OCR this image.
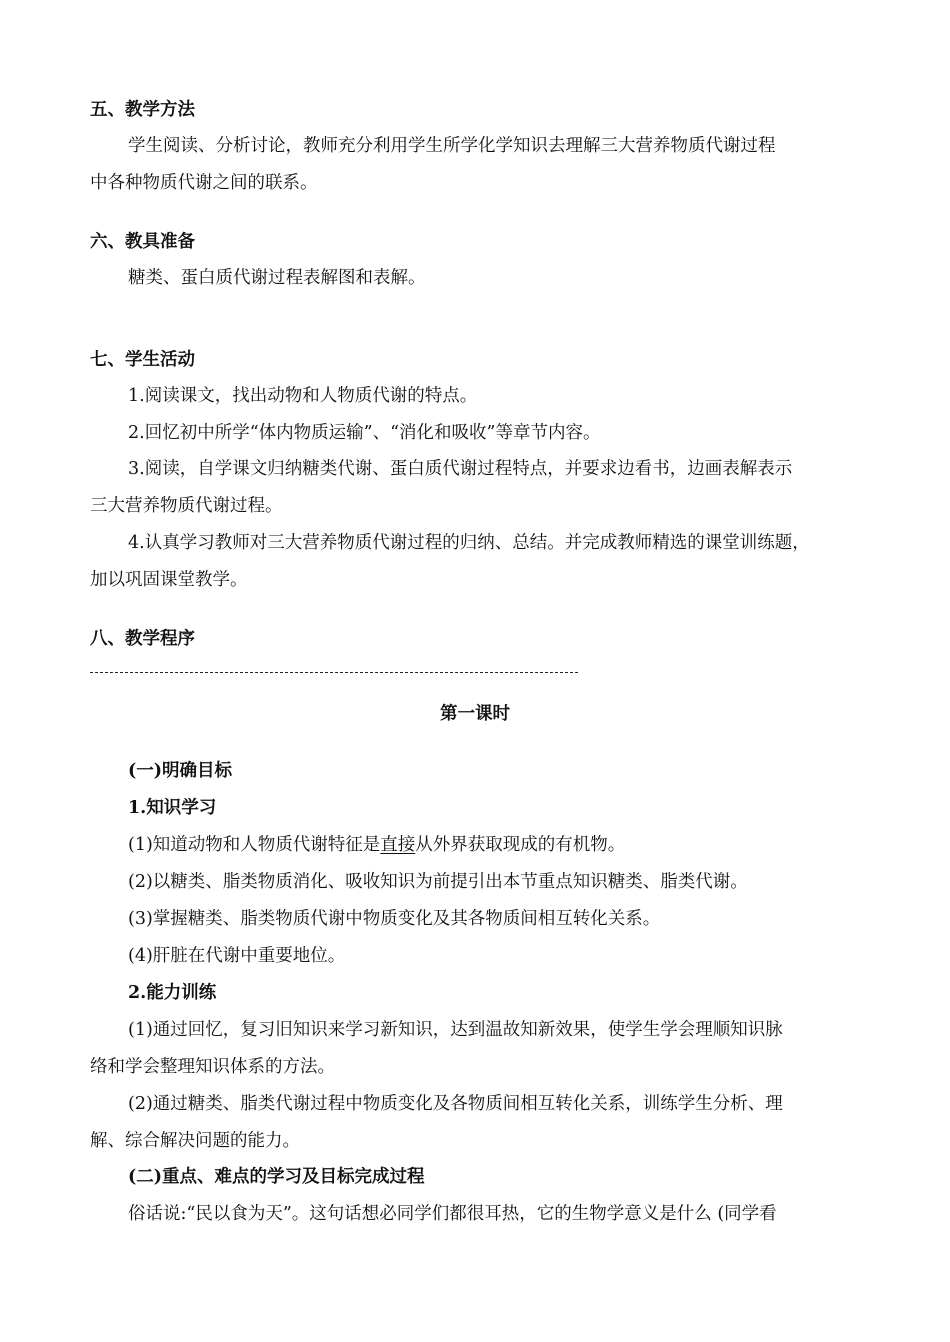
五、教学方法
学生阅读、分析讨论，教师充分利用学生所学化学知识去理解三大营养物质代谢过程
中各种物质代谢之间的联系。
六、教具准备
糖类、蛋白质代谢过程表解图和表解。
七、学生活动
1.阅读课文，找出动物和人物质代谢的特点。
2.回忆初中所学“体内物质运输”、“消化和吸收”等章节内容。
3.阅读，自学课文归纳糖类代谢、蛋白质代谢过程特点，并要求边看书，边画表解表示
三大营养物质代谢过程。
4.认真学习教师对三大营养物质代谢过程的归纳、总结。并完成教师精选的课堂训练题，
加以巩固课堂教学。
八、教学程序
第一课时
(一)明确目标
1.知识学习
(1)知道动物和人物质代谢特征是直接从外界获取现成的有机物。
(2)以糖类、脂类物质消化、吸收知识为前提引出本节重点知识糖类、脂类代谢。
(3)掌握糖类、脂类物质代谢中物质变化及其各物质间相互转化关系。
(4)肝脏在代谢中重要地位。
2.能力训练
(1)通过回忆，复习旧知识来学习新知识，达到温故知新效果，使学生学会理顺知识脉
络和学会整理知识体系的方法。
(2)通过糖类、脂类代谢过程中物质变化及各物质间相互转化关系，训练学生分析、理
解、综合解决问题的能力。
(二)重点、难点的学习及目标完成过程
俗话说:“民以食为天”。这句话想必同学们都很耳热，它的生物学意义是什么 (同学看
